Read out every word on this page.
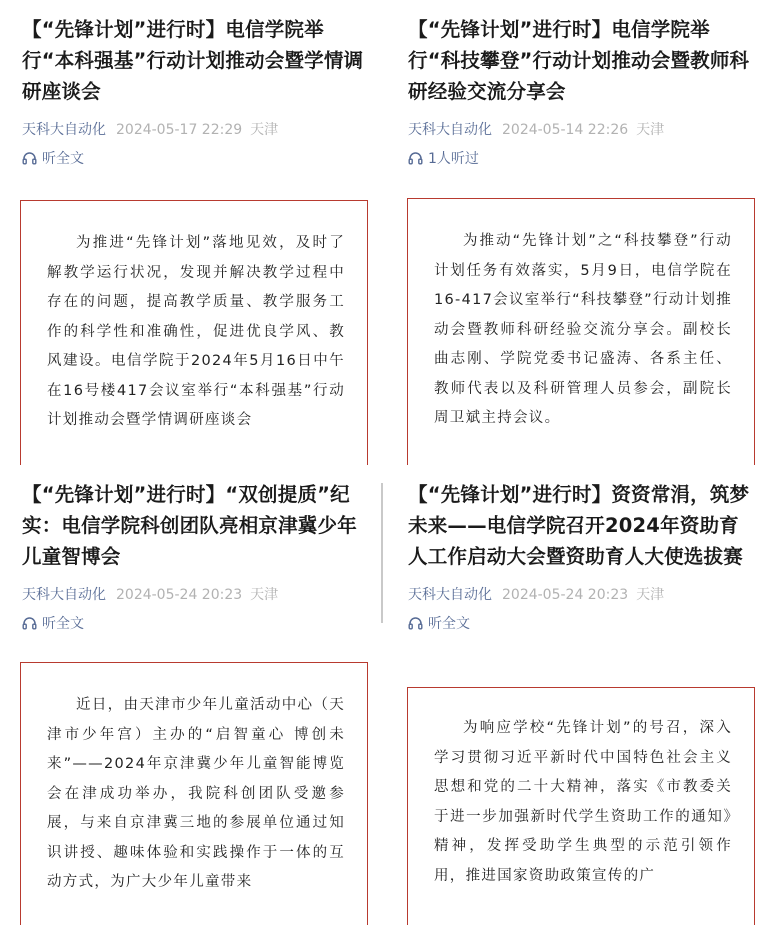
【“先锋计划”进行时】电信学院举行“本科强基”行动计划推动会暨学情调研座谈会
天科大自动化 2024-05-17 22:29 天津
听全文

为推进“先锋计划”落地见效，及时了解教学运行状况，发现并解决教学过程中存在的问题，提高教学质量、教学服务工作的科学性和准确性，促进优良学风、教风建设。电信学院于2024年5月16日中午在16号楼417会议室举行“本科强基”行动计划推动会暨学情调研座谈会

【“先锋计划”进行时】电信学院举行“科技攀登”行动计划推动会暨教师科研经验交流分享会
天科大自动化 2024-05-14 22:26 天津
1人听过

为推动“先锋计划”之“科技攀登”行动计划任务有效落实，5月9日，电信学院在16-417会议室举行“科技攀登”行动计划推动会暨教师科研经验交流分享会。副校长曲志刚、学院党委书记盛涛、各系主任、教师代表以及科研管理人员参会，副院长周卫斌主持会议。

【“先锋计划”进行时】“双创提质”纪实：电信学院科创团队亮相京津冀少年儿童智博会
天科大自动化 2024-05-24 20:23 天津
听全文

近日，由天津市少年儿童活动中心（天津市少年宫）主办的“启智童心 博创未来”——2024年京津冀少年儿童智能博览会在津成功举办，我院科创团队受邀参展，与来自京津冀三地的参展单位通过知识讲授、趣味体验和实践操作于一体的互动方式，为广大少年儿童带来

【“先锋计划”进行时】资资常涓，筑梦未来——电信学院召开2024年资助育人工作启动大会暨资助育人大使选拔赛
天科大自动化 2024-05-24 20:23 天津
听全文

为响应学校“先锋计划”的号召，深入学习贯彻习近平新时代中国特色社会主义思想和党的二十大精神，落实《市教委关于进一步加强新时代学生资助工作的通知》精神，发挥受助学生典型的示范引领作用，推进国家资助政策宣传的广
